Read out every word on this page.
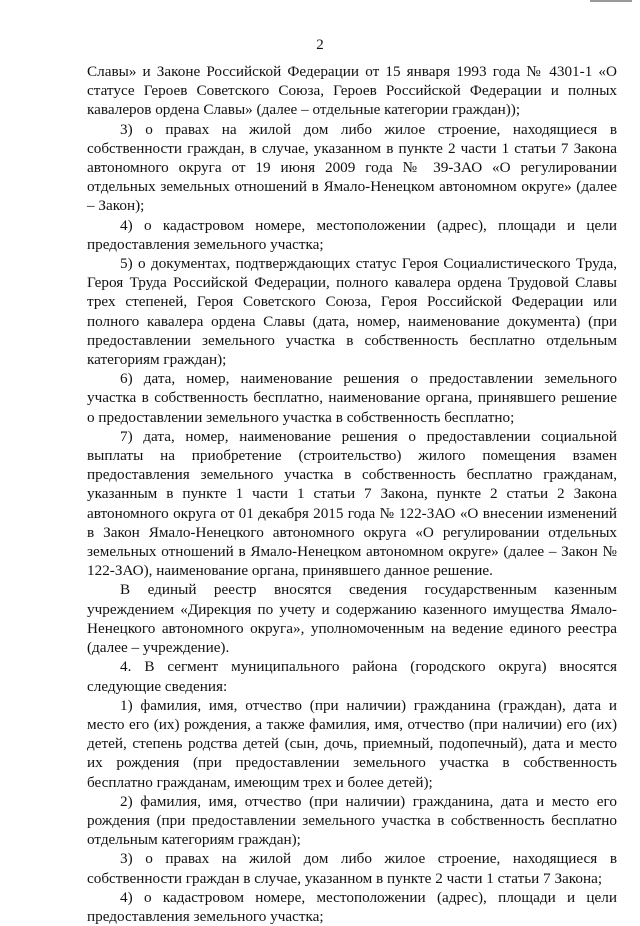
2

Славы» и Законе Российской Федерации от 15 января 1993 года № 4301-1 «О статусе Героев Советского Союза, Героев Российской Федерации и полных кавалеров ордена Славы» (далее – отдельные категории граждан));

3) о правах на жилой дом либо жилое строение, находящиеся в собственности граждан, в случае, указанном в пункте 2 части 1 статьи 7 Закона автономного округа от 19 июня 2009 года № 39-ЗАО «О регулировании отдельных земельных отношений в Ямало-Ненецком автономном округе» (далее – Закон);

4) о кадастровом номере, местоположении (адрес), площади и цели предоставления земельного участка;

5) о документах, подтверждающих статус Героя Социалистического Труда, Героя Труда Российской Федерации, полного кавалера ордена Трудовой Славы трех степеней, Героя Советского Союза, Героя Российской Федерации или полного кавалера ордена Славы (дата, номер, наименование документа) (при предоставлении земельного участка в собственность бесплатно отдельным категориям граждан);

6) дата, номер, наименование решения о предоставлении земельного участка в собственность бесплатно, наименование органа, принявшего решение о предоставлении земельного участка в собственность бесплатно;

7) дата, номер, наименование решения о предоставлении социальной выплаты на приобретение (строительство) жилого помещения взамен предоставления земельного участка в собственность бесплатно гражданам, указанным в пункте 1 части 1 статьи 7 Закона, пункте 2 статьи 2 Закона автономного округа от 01 декабря 2015 года № 122-ЗАО «О внесении изменений в Закон Ямало-Ненецкого автономного округа «О регулировании отдельных земельных отношений в Ямало-Ненецком автономном округе» (далее – Закон № 122-ЗАО), наименование органа, принявшего данное решение.

В единый реестр вносятся сведения государственным казенным учреждением «Дирекция по учету и содержанию казенного имущества Ямало-Ненецкого автономного округа», уполномоченным на ведение единого реестра (далее – учреждение).

4. В сегмент муниципального района (городского округа) вносятся следующие сведения:

1) фамилия, имя, отчество (при наличии) гражданина (граждан), дата и место его (их) рождения, а также фамилия, имя, отчество (при наличии) его (их) детей, степень родства детей (сын, дочь, приемный, подопечный), дата и место их рождения (при предоставлении земельного участка в собственность бесплатно гражданам, имеющим трех и более детей);

2) фамилия, имя, отчество (при наличии) гражданина, дата и место его рождения (при предоставлении земельного участка в собственность бесплатно отдельным категориям граждан);

3) о правах на жилой дом либо жилое строение, находящиеся в собственности граждан в случае, указанном в пункте 2 части 1 статьи 7 Закона;

4) о кадастровом номере, местоположении (адрес), площади и цели предоставления земельного участка;
